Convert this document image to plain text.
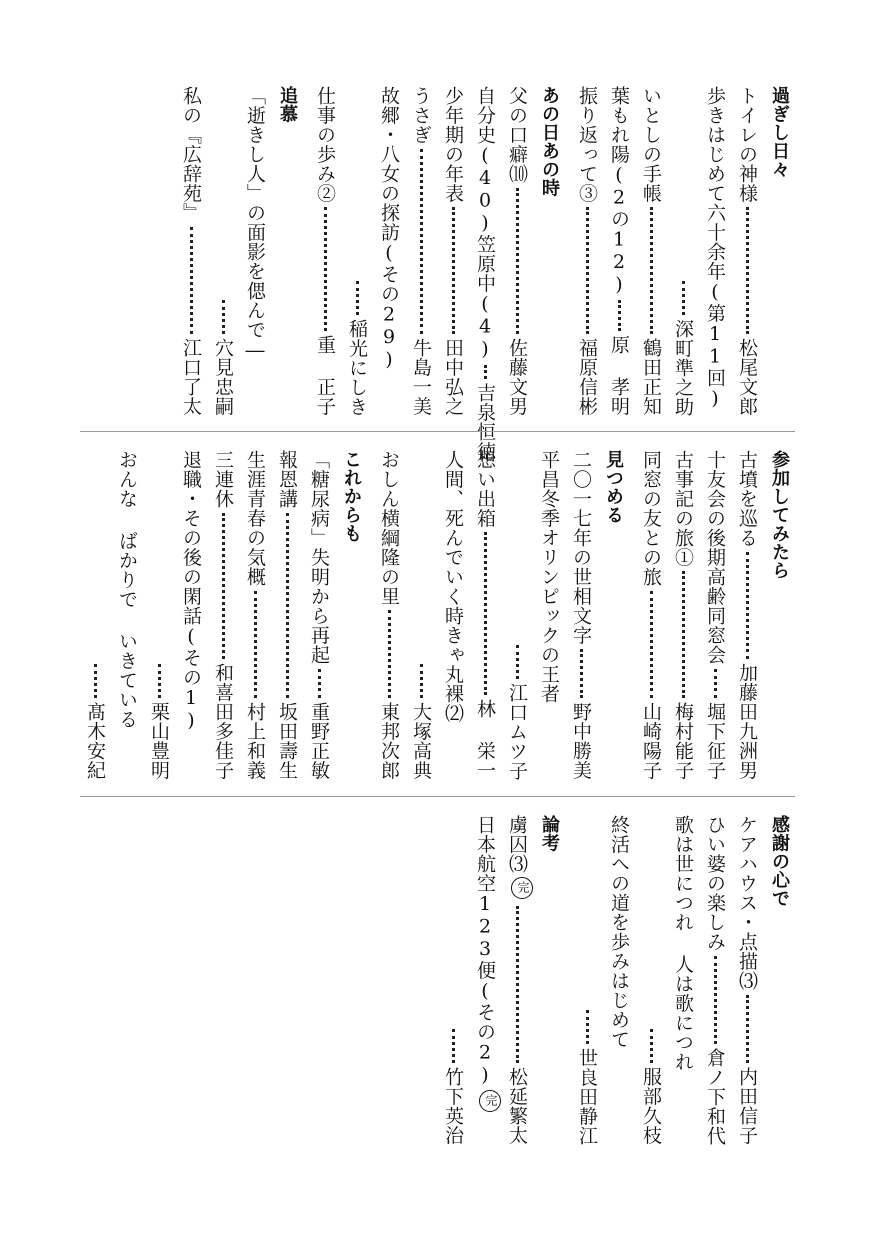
過ぎし日々
トイレの神様
松尾文郎
歩きはじめて六十余年(第11回)
深町準之助
いとしの手帳
鶴田正知
葉もれ陽(2の12)
原 孝明
振り返って③
福原信彬
あの日あの時
父の口癖⑽
佐藤文男
自分史(40)笠原中(4)
吉泉恒徳
少年期の年表
田中弘之
うさぎ
牛島一美
故郷・八女の探訪(その29)
稲光にしき
仕事の歩み②
重 正子
追慕
「逝きし人」の面影を偲んで―
穴見忠嗣
私の『広辞苑』
江口了太
参加してみたら
古墳を巡る
加藤田九洲男
十友会の後期高齢同窓会
堀下征子
古事記の旅①
梅村能子
同窓の友との旅
山崎陽子
見つめる
二〇一七年の世相文字
野中勝美
平昌冬季オリンピックの王者
江口ムツ子
想い出箱
林 栄一
人間、死んでいく時きゃ丸裸⑵
大塚高典
おしん横綱隆の里
東邦次郎
これからも
「糖尿病」失明から再起
重野正敏
報恩講
坂田壽生
生涯青春の気概
村上和義
三連休
和喜田多佳子
退職・その後の閑話(その1)
栗山豊明
おんな ばかりで いきている
髙木安紀
感謝の心で
ケアハウス・点描⑶
内田信子
ひい婆の楽しみ
倉ノ下和代
歌は世につれ 人は歌につれ
服部久枝
終活への道を歩みはじめて
世良田静江
論考
虜囚⑶
完
松延繁太
日本航空123便(その2)
完
竹下英治
